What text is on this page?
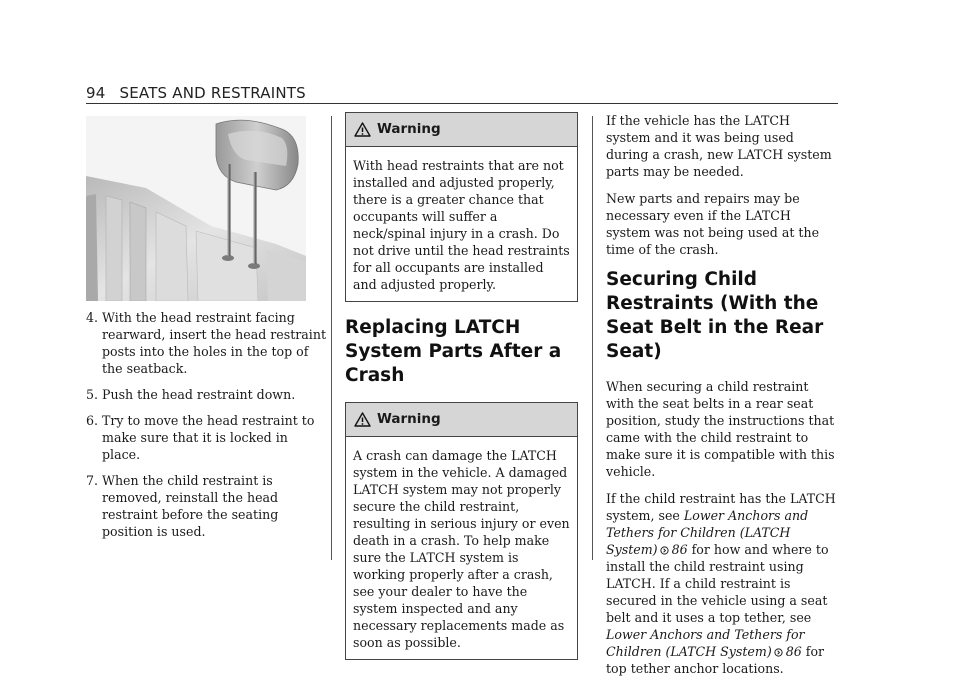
94 SEATS AND RESTRAINTS
4. With the head restraint facing rearward, insert the head restraint posts into the holes in the top of the seatback.
5. Push the head restraint down.
6. Try to move the head restraint to make sure that it is locked in place.
7. When the child restraint is removed, reinstall the head restraint before the seating position is used.
Warning
With head restraints that are not installed and adjusted properly, there is a greater chance that occupants will suffer a neck/spinal injury in a crash. Do not drive until the head restraints for all occupants are installed and adjusted properly.
Replacing LATCH System Parts After a Crash
Warning
A crash can damage the LATCH system in the vehicle. A damaged LATCH system may not properly secure the child restraint, resulting in serious injury or even death in a crash. To help make sure the LATCH system is working properly after a crash, see your dealer to have the system inspected and any necessary replacements made as soon as possible.

If the vehicle has the LATCH system and it was being used during a crash, new LATCH system parts may be needed.

New parts and repairs may be necessary even if the LATCH system was not being used at the time of the crash.

Securing Child Restraints (With the Seat Belt in the Rear Seat)

When securing a child restraint with the seat belts in a rear seat position, study the instructions that came with the child restraint to make sure it is compatible with this vehicle.

If the child restraint has the LATCH system, see Lower Anchors and Tethers for Children (LATCH System)   86 for how and where to install the child restraint using LATCH. If a child restraint is secured in the vehicle using a seat belt and it uses a top tether, see Lower Anchors and Tethers for Children (LATCH System)   86 for top tether anchor locations.
